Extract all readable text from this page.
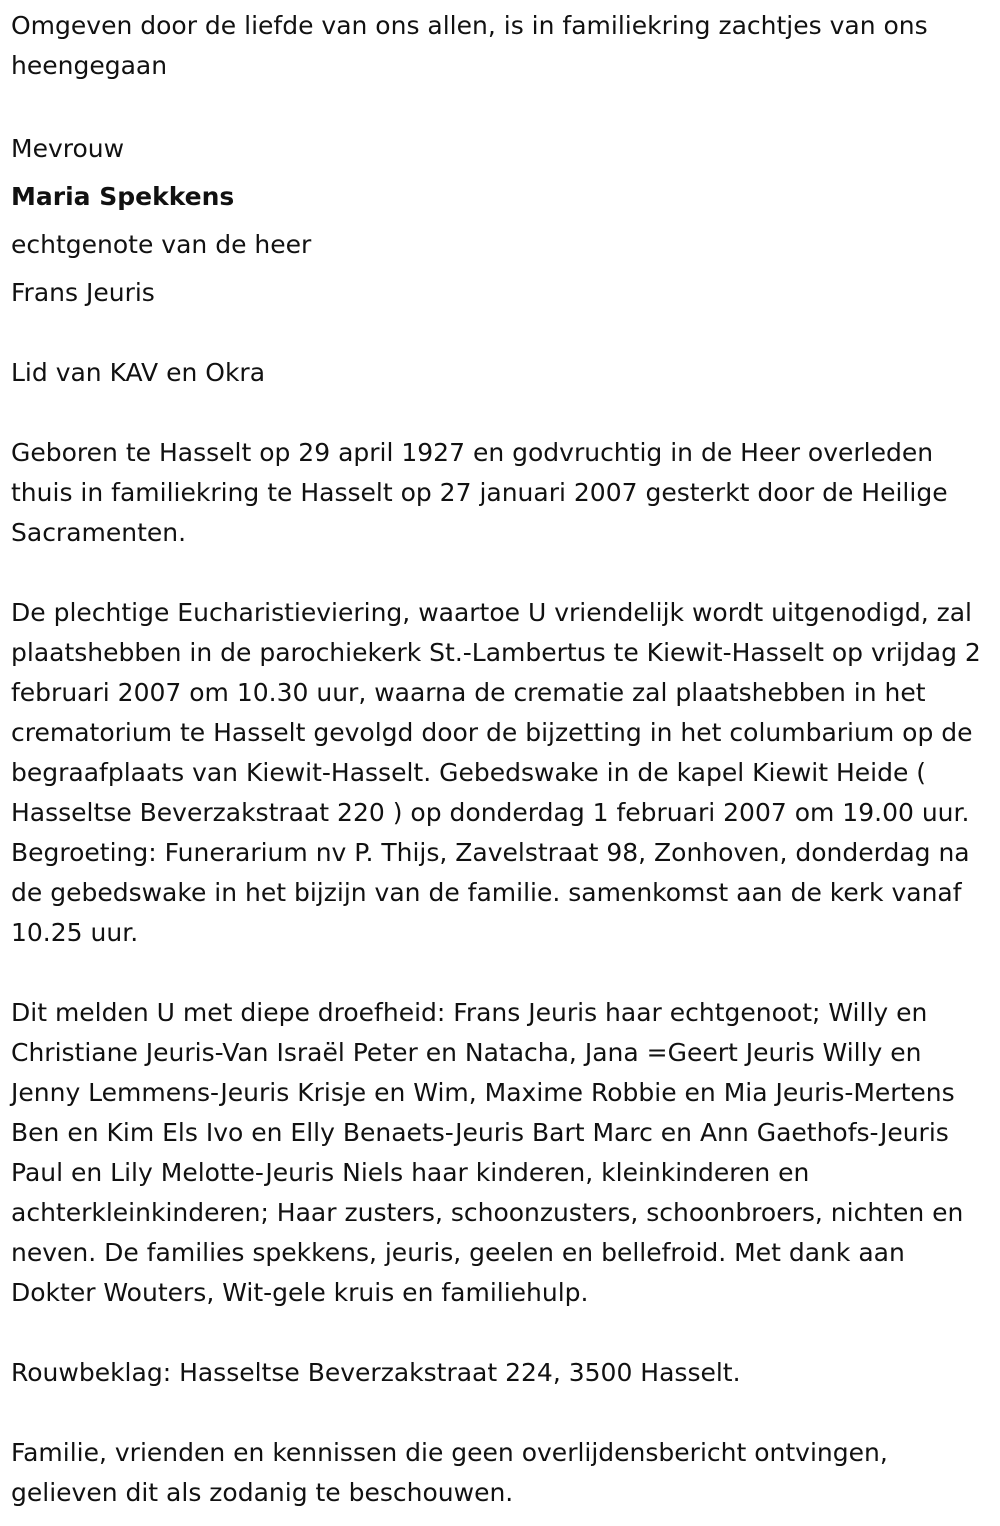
Omgeven door de liefde van ons allen, is in familiekring zachtjes van ons heengegaan

Mevrouw

Maria Spekkens

echtgenote van de heer

Frans Jeuris

Lid van KAV en Okra

Geboren te Hasselt op 29 april 1927 en godvruchtig in de Heer overleden thuis in familiekring te Hasselt op 27 januari 2007 gesterkt door de Heilige Sacramenten.

De plechtige Eucharistieviering, waartoe U vriendelijk wordt uitgenodigd, zal plaatshebben in de parochiekerk St.-Lambertus te Kiewit-Hasselt op vrijdag 2 februari 2007 om 10.30 uur, waarna de crematie zal plaatshebben in het crematorium te Hasselt gevolgd door de bijzetting in het columbarium op de begraafplaats van Kiewit-Hasselt. Gebedswake in de kapel Kiewit Heide ( Hasseltse Beverzakstraat 220 ) op donderdag 1 februari 2007 om 19.00 uur. Begroeting: Funerarium nv P. Thijs, Zavelstraat 98, Zonhoven, donderdag na de gebedswake in het bijzijn van de familie. samenkomst aan de kerk vanaf 10.25 uur.

Dit melden U met diepe droefheid: Frans Jeuris haar echtgenoot; Willy en Christiane Jeuris-Van Israël Peter en Natacha, Jana =Geert Jeuris Willy en Jenny Lemmens-Jeuris Krisje en Wim, Maxime Robbie en Mia Jeuris-Mertens Ben en Kim Els Ivo en Elly Benaets-Jeuris Bart Marc en Ann Gaethofs-Jeuris Paul en Lily Melotte-Jeuris Niels haar kinderen, kleinkinderen en achterkleinkinderen; Haar zusters, schoonzusters, schoonbroers, nichten en neven. De families spekkens, jeuris, geelen en bellefroid. Met dank aan Dokter Wouters, Wit-gele kruis en familiehulp.

Rouwbeklag: Hasseltse Beverzakstraat 224, 3500 Hasselt.

Familie, vrienden en kennissen die geen overlijdensbericht ontvingen, gelieven dit als zodanig te beschouwen.
